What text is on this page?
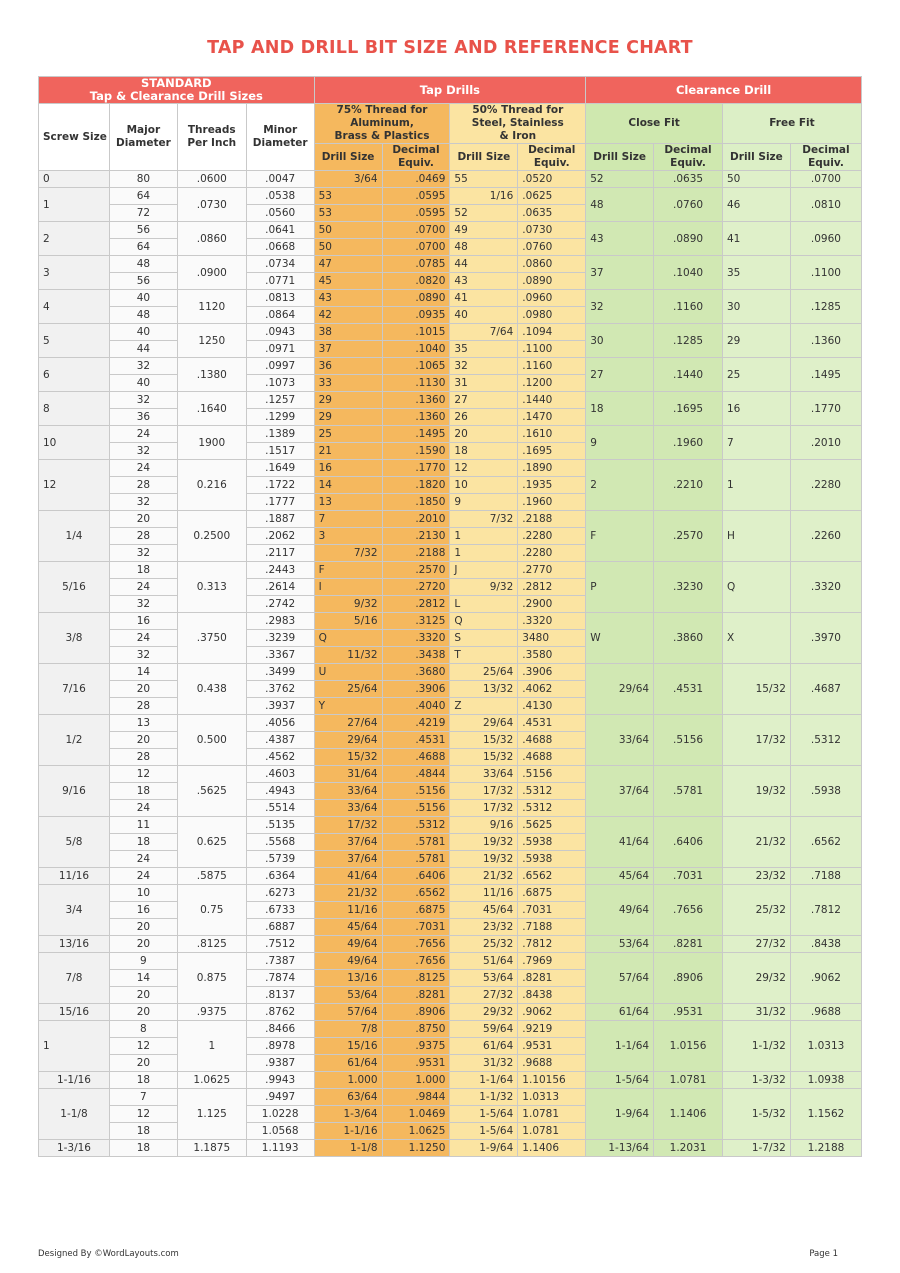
TAP AND DRILL BIT SIZE AND REFERENCE CHART
STANDARD
Tap & Clearance Drill Sizes				Tap Drills				Clearance Drill			
Screw Size	Major Diameter	Threads Per Inch	Minor Diameter	75% Thread for Aluminum, Brass & Plastics		50% Thread for Steel, Stainless & Iron		Close Fit		Free Fit	
				Drill Size	Decimal Equiv.	Drill Size	Decimal Equiv.	Drill Size	Decimal Equiv.	Drill Size	Decimal Equiv.
0	80	.0600	.0047	3/64	.0469	55	.0520	52	.0635	50	.0700
1	64	.0730	.0538	53	.0595	1/16	.0625	48	.0760	46	.0810
	72		.0560	53	.0595	52	.0635				
2	56	.0860	.0641	50	.0700	49	.0730	43	.0890	41	.0960
	64		.0668	50	.0700	48	.0760				
3	48	.0900	.0734	47	.0785	44	.0860	37	.1040	35	.1100
	56		.0771	45	.0820	43	.0890				
4	40	1120	.0813	43	.0890	41	.0960	32	.1160	30	.1285
	48		.0864	42	.0935	40	.0980				
5	40	1250	.0943	38	.1015	7/64	.1094	30	.1285	29	.1360
	44		.0971	37	.1040	35	.1100				
6	32	.1380	.0997	36	.1065	32	.1160	27	.1440	25	.1495
	40		.1073	33	.1130	31	.1200				
8	32	.1640	.1257	29	.1360	27	.1440	18	.1695	16	.1770
	36		.1299	29	.1360	26	.1470				
10	24	1900	.1389	25	.1495	20	.1610	9	.1960	7	.2010
	32		.1517	21	.1590	18	.1695				
12	24	0.216	.1649	16	.1770	12	.1890	2	.2210	1	.2280
	28		.1722	14	.1820	10	.1935				
	32		.1777	13	.1850	9	.1960				
1/4	20	0.2500	.1887	7	.2010	7/32	.2188	F	.2570	H	.2260
	28		.2062	3	.2130	1	.2280				
	32		.2117	7/32	.2188	1	.2280				
5/16	18	0.313	.2443	F	.2570	J	.2770	P	.3230	Q	.3320
	24		.2614	I	.2720	9/32	.2812				
	32		.2742	9/32	.2812	L	.2900				
3/8	16	.3750	.2983	5/16	.3125	Q	.3320	W	.3860	X	.3970
	24		.3239	Q	.3320	S	3480				
	32		.3367	11/32	.3438	T	.3580				
7/16	14	0.438	.3499	U	.3680	25/64	.3906	29/64	.4531	15/32	.4687
	20		.3762	25/64	.3906	13/32	.4062				
	28		.3937	Y	.4040	Z	.4130				
1/2	13	0.500	.4056	27/64	.4219	29/64	.4531	33/64	.5156	17/32	.5312
	20		.4387	29/64	.4531	15/32	.4688				
	28		.4562	15/32	.4688	15/32	.4688				
9/16	12	.5625	.4603	31/64	.4844	33/64	.5156	37/64	.5781	19/32	.5938
	18		.4943	33/64	.5156	17/32	.5312				
	24		.5514	33/64	.5156	17/32	.5312				
5/8	11	0.625	.5135	17/32	.5312	9/16	.5625	41/64	.6406	21/32	.6562
	18		.5568	37/64	.5781	19/32	.5938				
	24		.5739	37/64	.5781	19/32	.5938				
11/16	24	.5875	.6364	41/64	.6406	21/32	.6562	45/64	.7031	23/32	.7188
3/4	10	0.75	.6273	21/32	.6562	11/16	.6875	49/64	.7656	25/32	.7812
	16		.6733	11/16	.6875	45/64	.7031				
	20		.6887	45/64	.7031	23/32	.7188				
13/16	20	.8125	.7512	49/64	.7656	25/32	.7812	53/64	.8281	27/32	.8438
7/8	9	0.875	.7387	49/64	.7656	51/64	.7969	57/64	.8906	29/32	.9062
	14		.7874	13/16	.8125	53/64	.8281				
	20		.8137	53/64	.8281	27/32	.8438				
15/16	20	.9375	.8762	57/64	.8906	29/32	.9062	61/64	.9531	31/32	.9688
1	8	1	.8466	7/8	.8750	59/64	.9219	1-1/64	1.0156	1-1/32	1.0313
	12		.8978	15/16	.9375	61/64	.9531				
	20		.9387	61/64	.9531	31/32	.9688				
1-1/16	18	1.0625	.9943	1.000	1.000	1-1/64	1.10156	1-5/64	1.0781	1-3/32	1.0938
1-1/8	7	1.125	.9497	63/64	.9844	1-1/32	1.0313	1-9/64	1.1406	1-5/32	1.1562
	12		1.0228	1-3/64	1.0469	1-5/64	1.0781				
	18		1.0568	1-1/16	1.0625	1-5/64	1.0781				
1-3/16	18	1.1875	1.1193	1-1/8	1.1250	1-9/64	1.1406	1-13/64	1.2031	1-7/32	1.2188
Designed By ©WordLayouts.com	Page 1
